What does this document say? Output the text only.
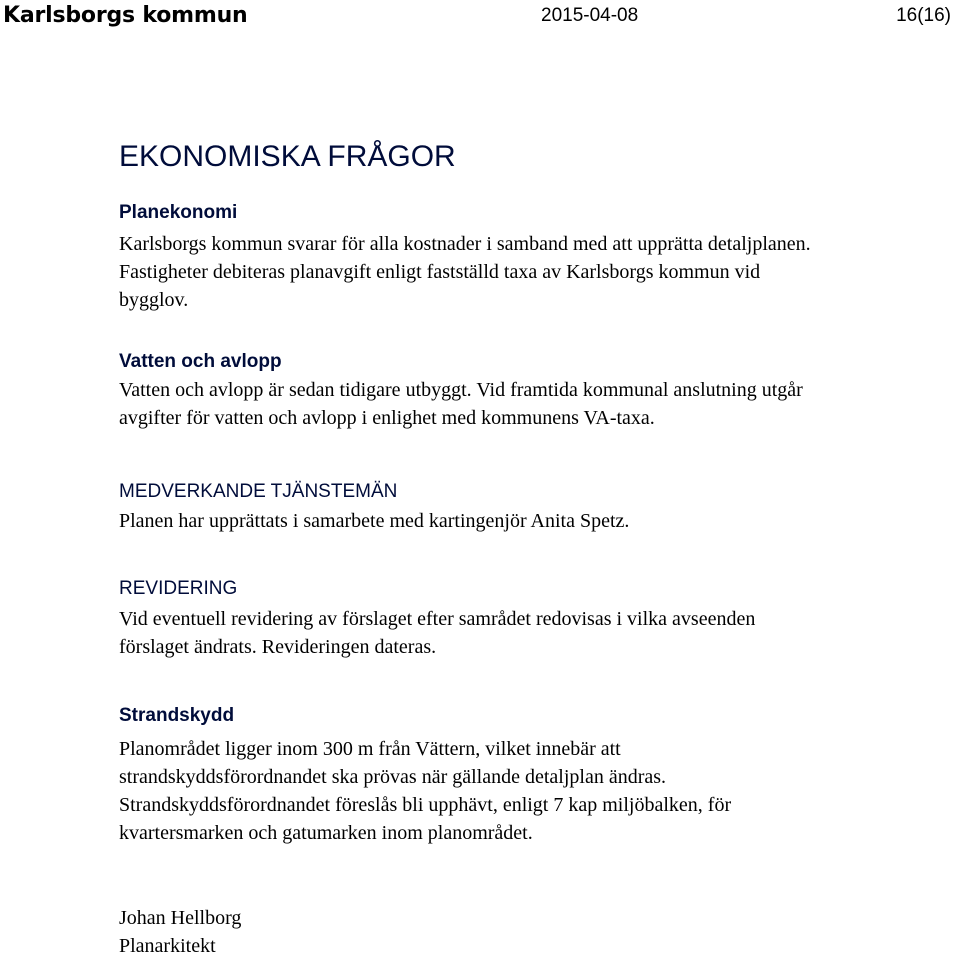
Karlsborgs kommun	2015-04-08	16(16)
EKONOMISKA FRÅGOR
Planekonomi
Karlsborgs kommun svarar för alla kostnader i samband med att upprätta detaljplanen.
Fastigheter debiteras planavgift enligt fastställd taxa av Karlsborgs kommun vid
bygglov.
Vatten och avlopp
Vatten och avlopp är sedan tidigare utbyggt. Vid framtida kommunal anslutning utgår
avgifter för vatten och avlopp i enlighet med kommunens VA-taxa.
MEDVERKANDE TJÄNSTEMÄN
Planen har upprättats i samarbete med kartingenjör Anita Spetz.
REVIDERING
Vid eventuell revidering av förslaget efter samrådet redovisas i vilka avseenden
förslaget ändrats. Revideringen dateras.
Strandskydd
Planområdet ligger inom 300 m från Vättern, vilket innebär att
strandskyddsförordnandet ska prövas när gällande detaljplan ändras.
Strandskyddsförordnandet föreslås bli upphävt, enligt 7 kap miljöbalken, för
kvartersmarken och gatumarken inom planområdet.
Johan Hellborg
Planarkitekt
